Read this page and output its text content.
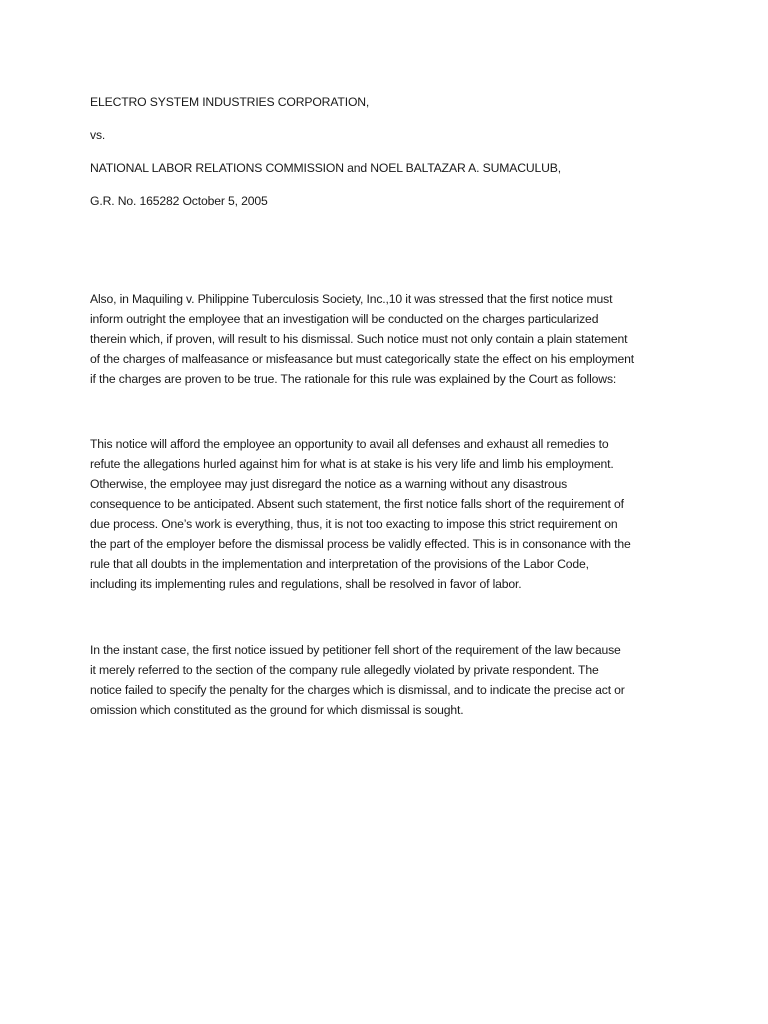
ELECTRO SYSTEM INDUSTRIES CORPORATION,
vs.
NATIONAL LABOR RELATIONS COMMISSION and NOEL BALTAZAR A. SUMACULUB,
G.R. No. 165282 October 5, 2005
Also, in Maquiling v. Philippine Tuberculosis Society, Inc.,10 it was stressed that the first notice must
inform outright the employee that an investigation will be conducted on the charges particularized
therein which, if proven, will result to his dismissal. Such notice must not only contain a plain statement
of the charges of malfeasance or misfeasance but must categorically state the effect on his employment
if the charges are proven to be true. The rationale for this rule was explained by the Court as follows:
This notice will afford the employee an opportunity to avail all defenses and exhaust all remedies to
refute the allegations hurled against him for what is at stake is his very life and limb his employment.
Otherwise, the employee may just disregard the notice as a warning without any disastrous
consequence to be anticipated. Absent such statement, the first notice falls short of the requirement of
due process. One’s work is everything, thus, it is not too exacting to impose this strict requirement on
the part of the employer before the dismissal process be validly effected. This is in consonance with the
rule that all doubts in the implementation and interpretation of the provisions of the Labor Code,
including its implementing rules and regulations, shall be resolved in favor of labor.
In the instant case, the first notice issued by petitioner fell short of the requirement of the law because
it merely referred to the section of the company rule allegedly violated by private respondent. The
notice failed to specify the penalty for the charges which is dismissal, and to indicate the precise act or
omission which constituted as the ground for which dismissal is sought.
